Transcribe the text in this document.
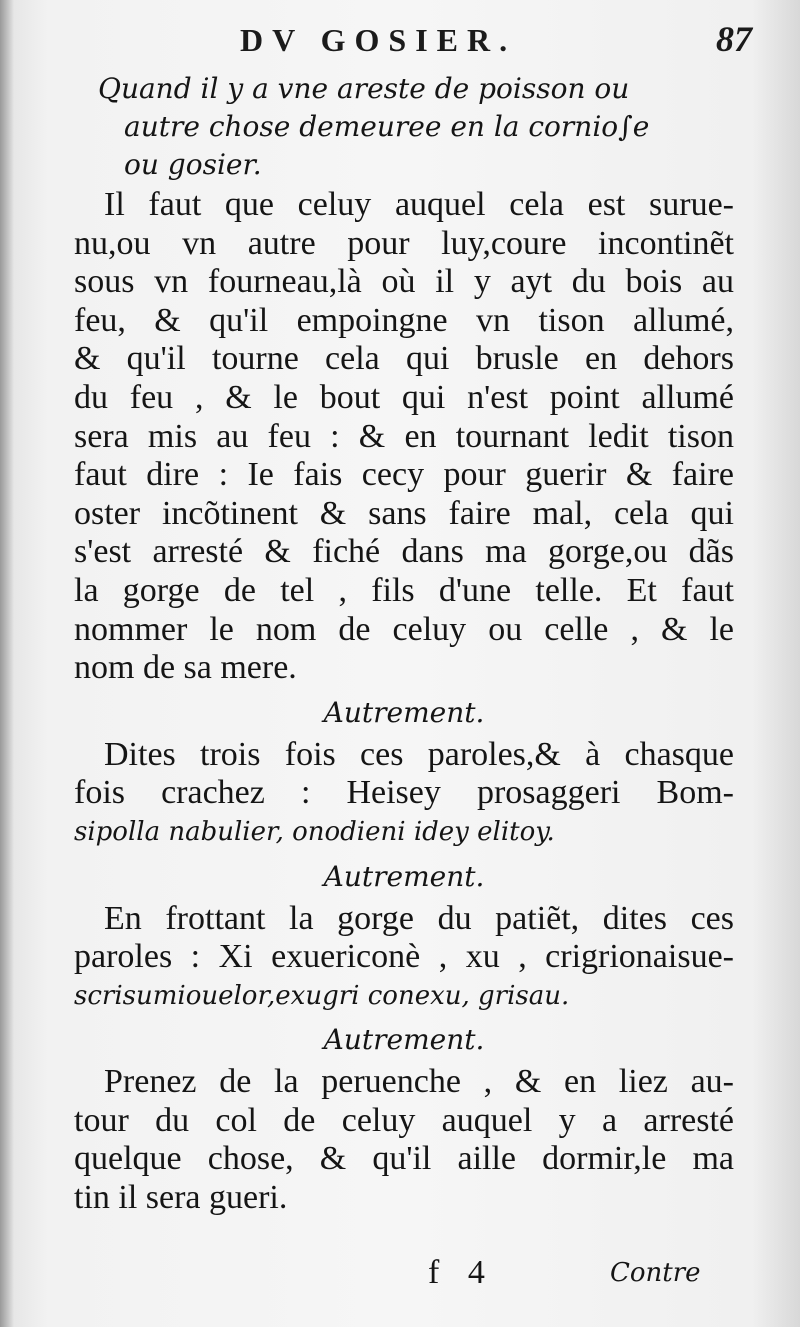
DV GOSIER.	87
Quand il y a vne areste de poisson ou
autre chose demeuree en la cornio∫e
ou gosier.
Il faut que celuy auquel cela est surue-
nu,ou vn autre pour luy,coure incontinẽt
sous vn fourneau,là où il y ayt du bois au
feu, & qu'il empoingne vn tison allumé,
& qu'il tourne cela qui brusle en dehors
du feu , & le bout qui n'est point allumé
sera mis au feu : & en tournant ledit tison
faut dire : Ie fais cecy pour guerir & faire
oster incõtinent & sans faire mal, cela qui
s'est arresté & fiché dans ma gorge,ou dãs
la gorge de tel , fils d'une telle. Et faut
nommer le nom de celuy ou celle , & le
nom de sa mere.
Autrement.
Dites trois fois ces paroles,& à chasque
fois crachez : Heisey prosaggeri Bom-
sipolla nabulier, onodieni idey elitoy.
Autrement.
En frottant la gorge du patiẽt, dites ces
paroles : Xi exuericonè , xu , crigrionaisue-
scrisumiouelor,exugri conexu, grisau.
Autrement.
Prenez de la peruenche , & en liez au-
tour du col de celuy auquel y a arresté
quelque chose, & qu'il aille dormir,le ma
tin il sera gueri.
f 4	Contre
